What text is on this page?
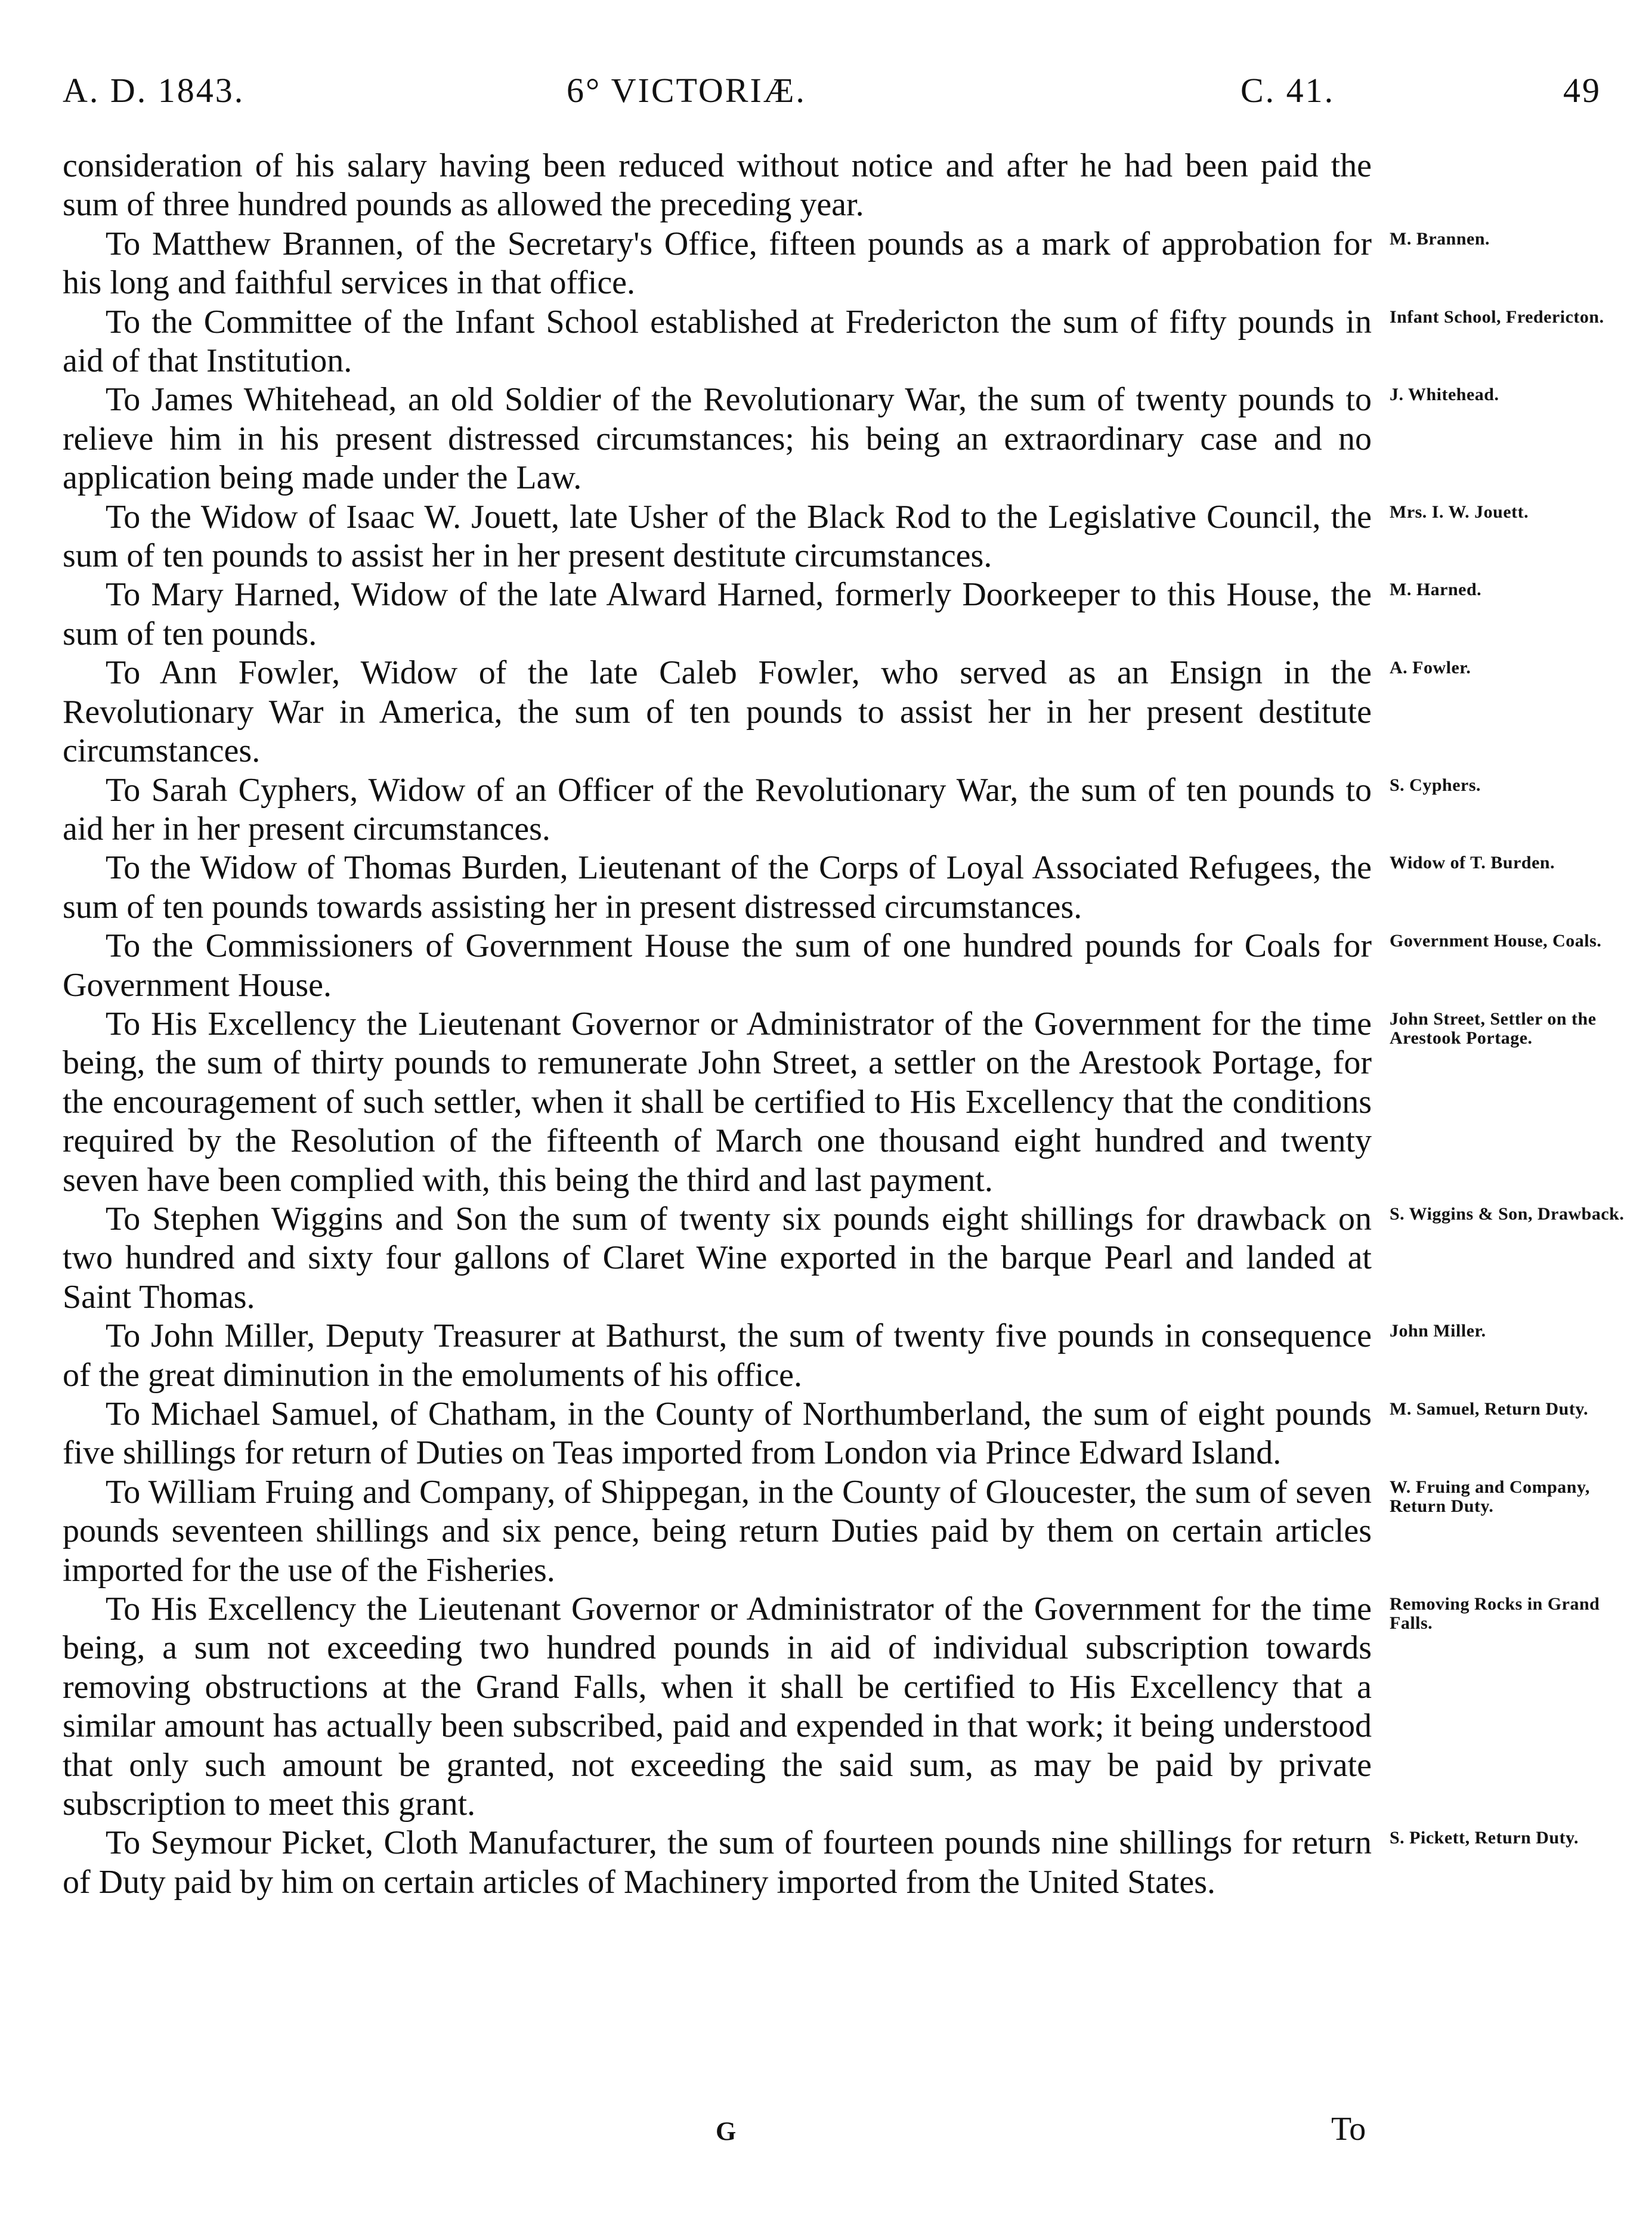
A. D. 1843.	6° VICTORIÆ.	C. 41.	49

consideration of his salary having been reduced without notice and after he had been paid the sum of three hundred pounds as allowed the preceding year.

To Matthew Brannen, of the Secretary's Office, fifteen pounds as a mark of approbation for his long and faithful services in that office.
M. Brannen.

To the Committee of the Infant School established at Fredericton the sum of fifty pounds in aid of that Institution.
Infant School, Fredericton.

To James Whitehead, an old Soldier of the Revolutionary War, the sum of twenty pounds to relieve him in his present distressed circumstances; his being an extraordinary case and no application being made under the Law.
J. Whitehead.

To the Widow of Isaac W. Jouett, late Usher of the Black Rod to the Legislative Council, the sum of ten pounds to assist her in her present destitute circumstances.
Mrs. I. W. Jouett.

To Mary Harned, Widow of the late Alward Harned, formerly Doorkeeper to this House, the sum of ten pounds.
M. Harned.

To Ann Fowler, Widow of the late Caleb Fowler, who served as an Ensign in the Revolutionary War in America, the sum of ten pounds to assist her in her present destitute circumstances.
A. Fowler.

To Sarah Cyphers, Widow of an Officer of the Revolutionary War, the sum of ten pounds to aid her in her present circumstances.
S. Cyphers.

To the Widow of Thomas Burden, Lieutenant of the Corps of Loyal Associated Refugees, the sum of ten pounds towards assisting her in present distressed circumstances.
Widow of T. Burden.

To the Commissioners of Government House the sum of one hundred pounds for Coals for Government House.
Government House, Coals.

To His Excellency the Lieutenant Governor or Administrator of the Government for the time being, the sum of thirty pounds to remunerate John Street, a settler on the Arestook Portage, for the encouragement of such settler, when it shall be certified to His Excellency that the conditions required by the Resolution of the fifteenth of March one thousand eight hundred and twenty seven have been complied with, this being the third and last payment.
John Street, Settler on the Arestook Portage.

To Stephen Wiggins and Son the sum of twenty six pounds eight shillings for drawback on two hundred and sixty four gallons of Claret Wine exported in the barque Pearl and landed at Saint Thomas.
S. Wiggins & Son, Drawback.

To John Miller, Deputy Treasurer at Bathurst, the sum of twenty five pounds in consequence of the great diminution in the emoluments of his office.
John Miller.

To Michael Samuel, of Chatham, in the County of Northumberland, the sum of eight pounds five shillings for return of Duties on Teas imported from London via Prince Edward Island.
M. Samuel, Return Duty.

To William Fruing and Company, of Shippegan, in the County of Gloucester, the sum of seven pounds seventeen shillings and six pence, being return Duties paid by them on certain articles imported for the use of the Fisheries.
W. Fruing and Company, Return Duty.

To His Excellency the Lieutenant Governor or Administrator of the Government for the time being, a sum not exceeding two hundred pounds in aid of individual subscription towards removing obstructions at the Grand Falls, when it shall be certified to His Excellency that a similar amount has actually been subscribed, paid and expended in that work; it being understood that only such amount be granted, not exceeding the said sum, as may be paid by private subscription to meet this grant.
Removing Rocks in Grand Falls.

To Seymour Picket, Cloth Manufacturer, the sum of fourteen pounds nine shillings for return of Duty paid by him on certain articles of Machinery imported from the United States.
S. Pickett, Return Duty.

G	To
